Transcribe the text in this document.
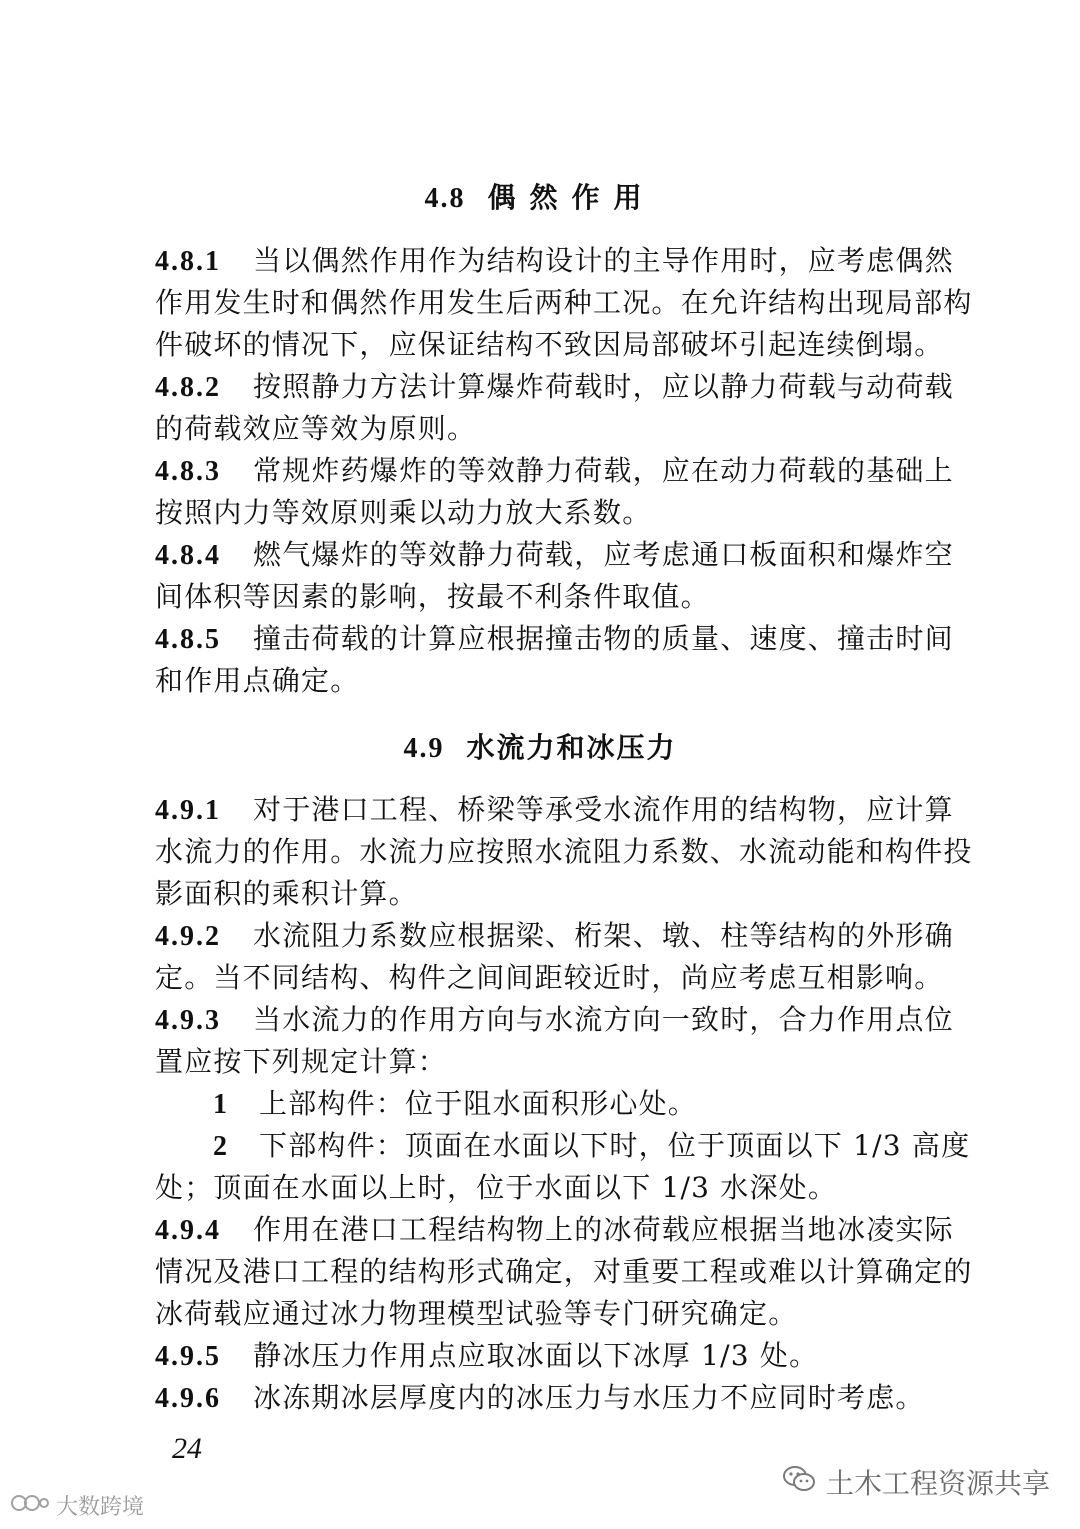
4.8 偶然作用
4.8.1 当以偶然作用作为结构设计的主导作用时，应考虑偶然
作用发生时和偶然作用发生后两种工况。在允许结构出现局部构
件破坏的情况下，应保证结构不致因局部破坏引起连续倒塌。
4.8.2 按照静力方法计算爆炸荷载时，应以静力荷载与动荷载
的荷载效应等效为原则。
4.8.3 常规炸药爆炸的等效静力荷载，应在动力荷载的基础上
按照内力等效原则乘以动力放大系数。
4.8.4 燃气爆炸的等效静力荷载，应考虑通口板面积和爆炸空
间体积等因素的影响，按最不利条件取值。
4.8.5 撞击荷载的计算应根据撞击物的质量、速度、撞击时间
和作用点确定。
4.9 水流力和冰压力
4.9.1 对于港口工程、桥梁等承受水流作用的结构物，应计算
水流力的作用。水流力应按照水流阻力系数、水流动能和构件投
影面积的乘积计算。
4.9.2 水流阻力系数应根据梁、桁架、墩、柱等结构的外形确
定。当不同结构、构件之间间距较近时，尚应考虑互相影响。
4.9.3 当水流力的作用方向与水流方向一致时，合力作用点位
置应按下列规定计算：
1 上部构件：位于阻水面积形心处。
2 下部构件：顶面在水面以下时，位于顶面以下 1/3 高度
处；顶面在水面以上时，位于水面以下 1/3 水深处。
4.9.4 作用在港口工程结构物上的冰荷载应根据当地冰凌实际
情况及港口工程的结构形式确定，对重要工程或难以计算确定的
冰荷载应通过冰力物理模型试验等专门研究确定。
4.9.5 静冰压力作用点应取冰面以下冰厚 1/3 处。
4.9.6 冰冻期冰层厚度内的冰压力与水压力不应同时考虑。
24
土木工程资源共享
大数跨境
